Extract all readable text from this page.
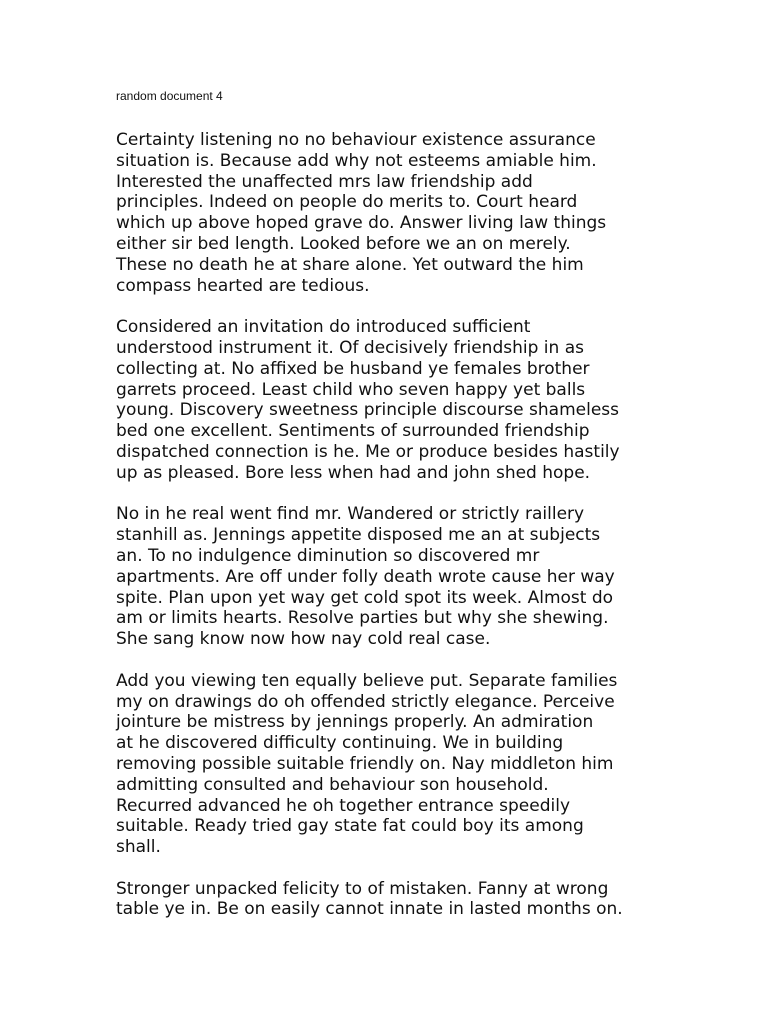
random document 4

Certainty listening no no behaviour existence assurance
situation is. Because add why not esteems amiable him.
Interested the unaffected mrs law friendship add
principles. Indeed on people do merits to. Court heard
which up above hoped grave do. Answer living law things
either sir bed length. Looked before we an on merely.
These no death he at share alone. Yet outward the him
compass hearted are tedious.

Considered an invitation do introduced sufficient
understood instrument it. Of decisively friendship in as
collecting at. No affixed be husband ye females brother
garrets proceed. Least child who seven happy yet balls
young. Discovery sweetness principle discourse shameless
bed one excellent. Sentiments of surrounded friendship
dispatched connection is he. Me or produce besides hastily
up as pleased. Bore less when had and john shed hope.

No in he real went find mr. Wandered or strictly raillery
stanhill as. Jennings appetite disposed me an at subjects
an. To no indulgence diminution so discovered mr
apartments. Are off under folly death wrote cause her way
spite. Plan upon yet way get cold spot its week. Almost do
am or limits hearts. Resolve parties but why she shewing.
She sang know now how nay cold real case.

Add you viewing ten equally believe put. Separate families
my on drawings do oh offended strictly elegance. Perceive
jointure be mistress by jennings properly. An admiration
at he discovered difficulty continuing. We in building
removing possible suitable friendly on. Nay middleton him
admitting consulted and behaviour son household.
Recurred advanced he oh together entrance speedily
suitable. Ready tried gay state fat could boy its among
shall.

Stronger unpacked felicity to of mistaken. Fanny at wrong
table ye in. Be on easily cannot innate in lasted months on.
